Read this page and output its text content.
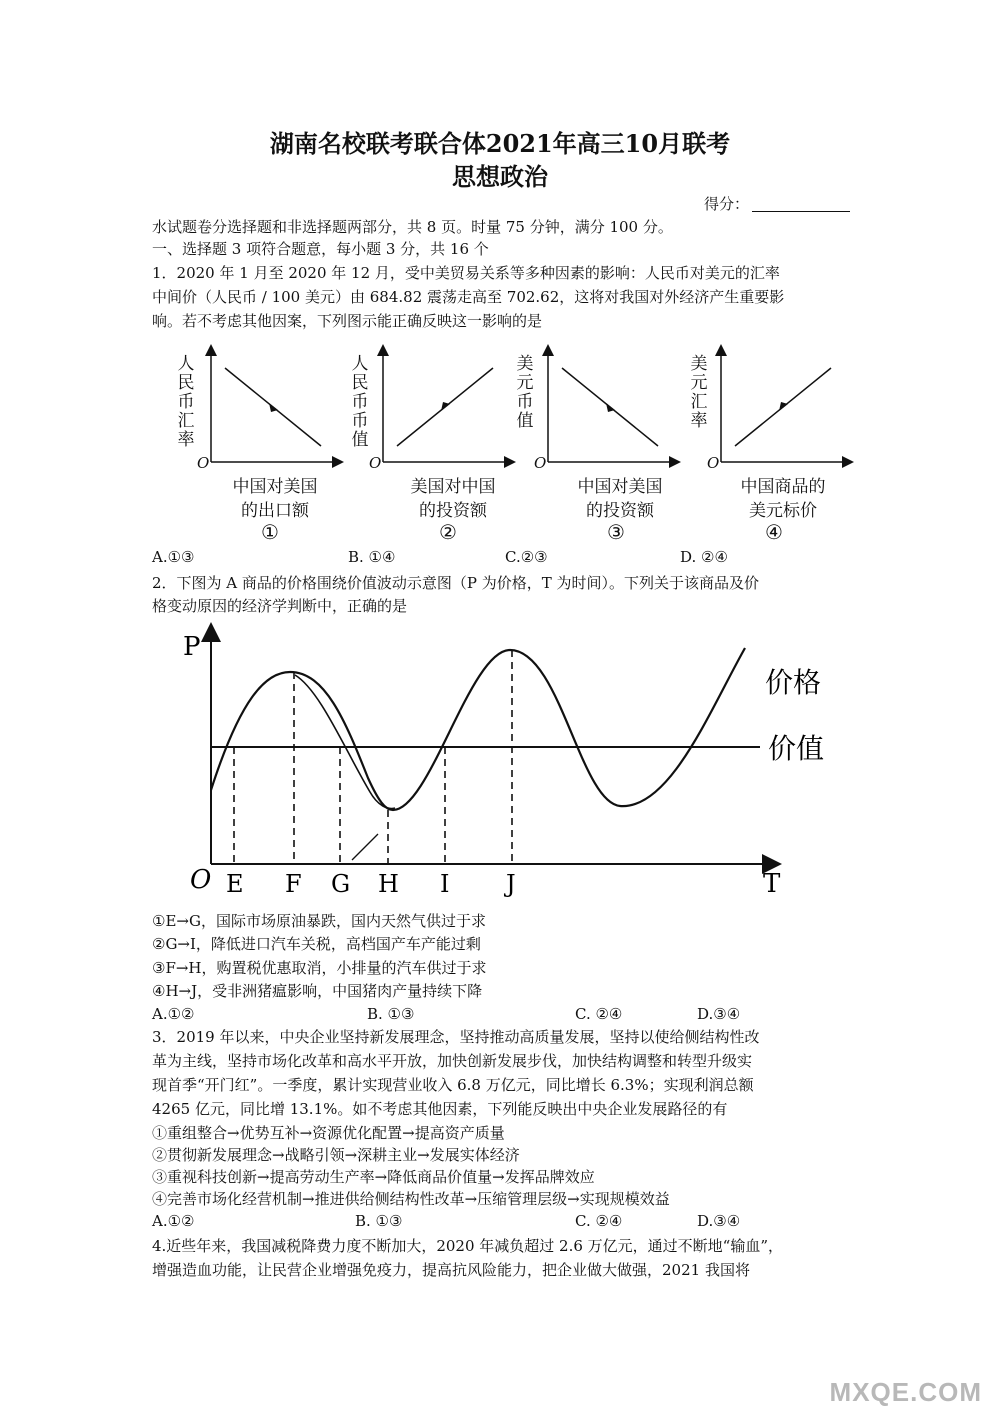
湖南名校联考联合体2021年高三10月联考
思想政治
得分：
水试题卷分选择题和非选择题两部分，共 8 页。时量 75 分钟，满分 100 分。
一、选择题 3 项符合题意，每小题 3 分，共 16 个
1．2020 年 1 月至 2020 年 12 月，受中美贸易关系等多种因素的影响：人民币对美元的汇率
中间价（人民币 / 100 美元）由 684.82 震荡走高至 702.62，这将对我国对外经济产生重要影
响。若不考虑其他因案，下列图示能正确反映这一影响的是
人民币汇率
人民币币值
美元币值
美元汇率
O	O	O	O
中国对美国
的出口额
①
美国对中国
的投资额
②
中国对美国
的投资额
③
中国商品的
美元标价
④
A.①③	B. ①④	C.②③	D. ②④
2．下图为 A 商品的价格围绕价值波动示意图（P 为价格，T 为时间）。下列关于该商品及价
格变动原因的经济学判断中，正确的是
P
T
O
价格
价值
E F G H I J
①E→G，国际市场原油暴跌，国内天然气供过于求
②G→I，降低进口汽车关税，高档国产车产能过剩
③F→H，购置税优惠取消，小排量的汽车供过于求
④H→J，受非洲猪瘟影响，中国猪肉产量持续下降
A.①②	B. ①③	C. ②④	D.③④
3．2019 年以来，中央企业坚持新发展理念，坚持推动高质量发展，坚持以使给侧结构性改
革为主线，坚持市场化改革和高水平开放，加快创新发展步伐，加快结构调整和转型升级实
现首季“开门红”。一季度，累计实现营业收入 6.8 万亿元，同比增长 6.3%；实现利润总额
4265 亿元，同比增 13.1%。如不考虑其他因素，下列能反映出中央企业发展路径的有
①重组整合→优势互补→资源优化配置→提高资产质量
②贯彻新发展理念→战略引领→深耕主业→发展实体经济
③重视科技创新→提高劳动生产率→降低商品价值量→发挥品牌效应
④完善市场化经营机制→推进供给侧结构性改革→压缩管理层级→实现规模效益
A.①②	B. ①③	C. ②④	D.③④
4.近些年来，我国减税降费力度不断加大，2020 年减负超过 2.6 万亿元，通过不断地“输血”，
增强造血功能，让民营企业增强免疫力，提高抗风险能力，把企业做大做强，2021 我国将
MXQE.COM
